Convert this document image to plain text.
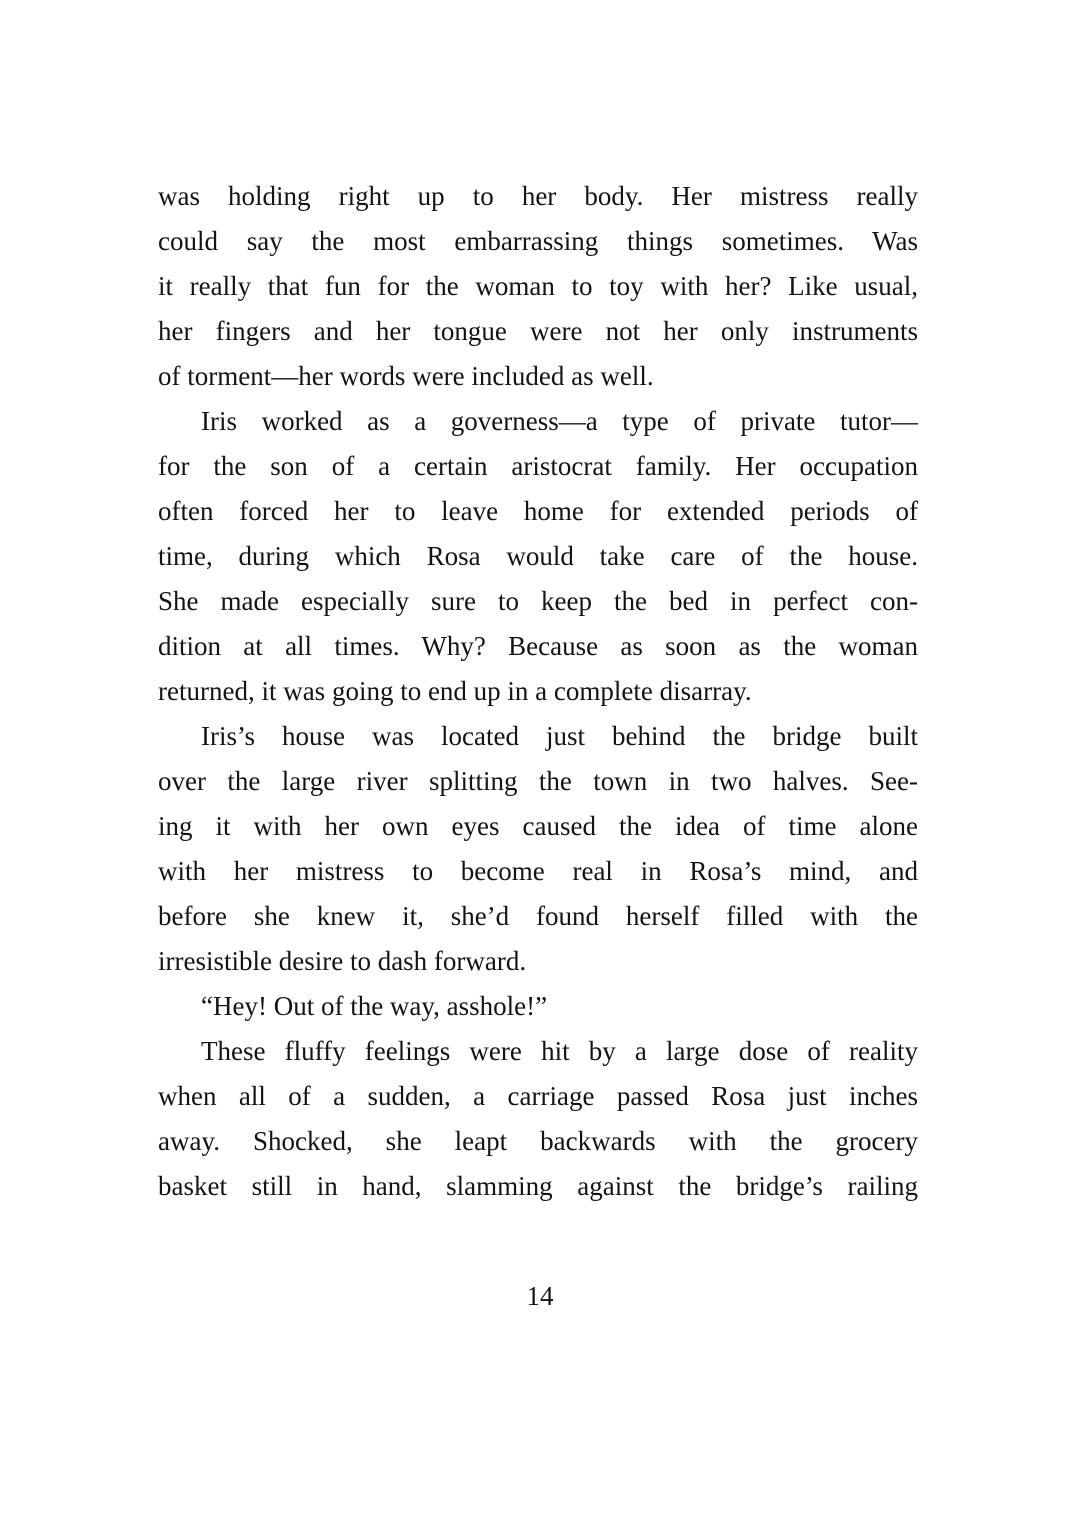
was holding right up to her body. Her mistress really
could say the most embarrassing things sometimes. Was
it really that fun for the woman to toy with her? Like usual,
her fingers and her tongue were not her only instruments
of torment—her words were included as well.

Iris worked as a governess—a type of private tutor—
for the son of a certain aristocrat family. Her occupation
often forced her to leave home for extended periods of
time, during which Rosa would take care of the house.
She made especially sure to keep the bed in perfect con-
dition at all times. Why? Because as soon as the woman
returned, it was going to end up in a complete disarray.

Iris’s house was located just behind the bridge built
over the large river splitting the town in two halves. See-
ing it with her own eyes caused the idea of time alone
with her mistress to become real in Rosa’s mind, and
before she knew it, she’d found herself filled with the
irresistible desire to dash forward.

“Hey! Out of the way, asshole!”

These fluffy feelings were hit by a large dose of reality
when all of a sudden, a carriage passed Rosa just inches
away. Shocked, she leapt backwards with the grocery
basket still in hand, slamming against the bridge’s railing

14
